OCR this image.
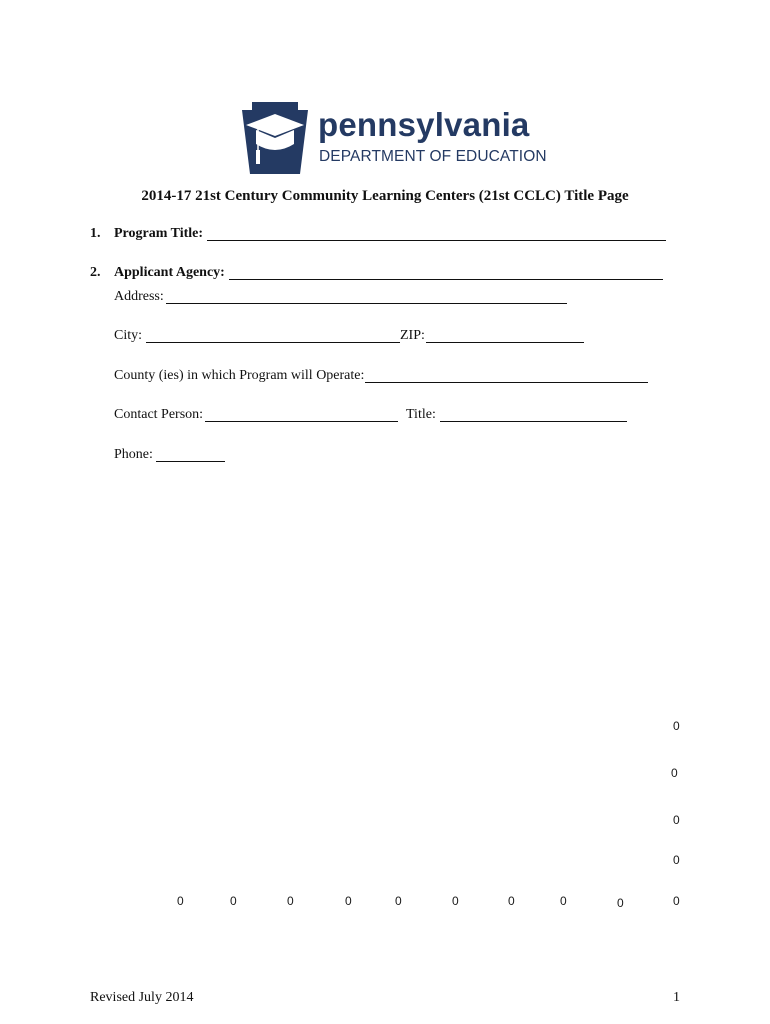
pennsylvania
DEPARTMENT OF EDUCATION
2014-17 21st Century Community Learning Centers (21st CCLC) Title Page
1. Program Title:
2. Applicant Agency:
Address:
City:	ZIP:
County (ies) in which Program will Operate:
Contact Person:	Title:
Phone:
0
0
0
0
0	0	0	0	0	0	0	0	0	0
Revised July 2014	1
